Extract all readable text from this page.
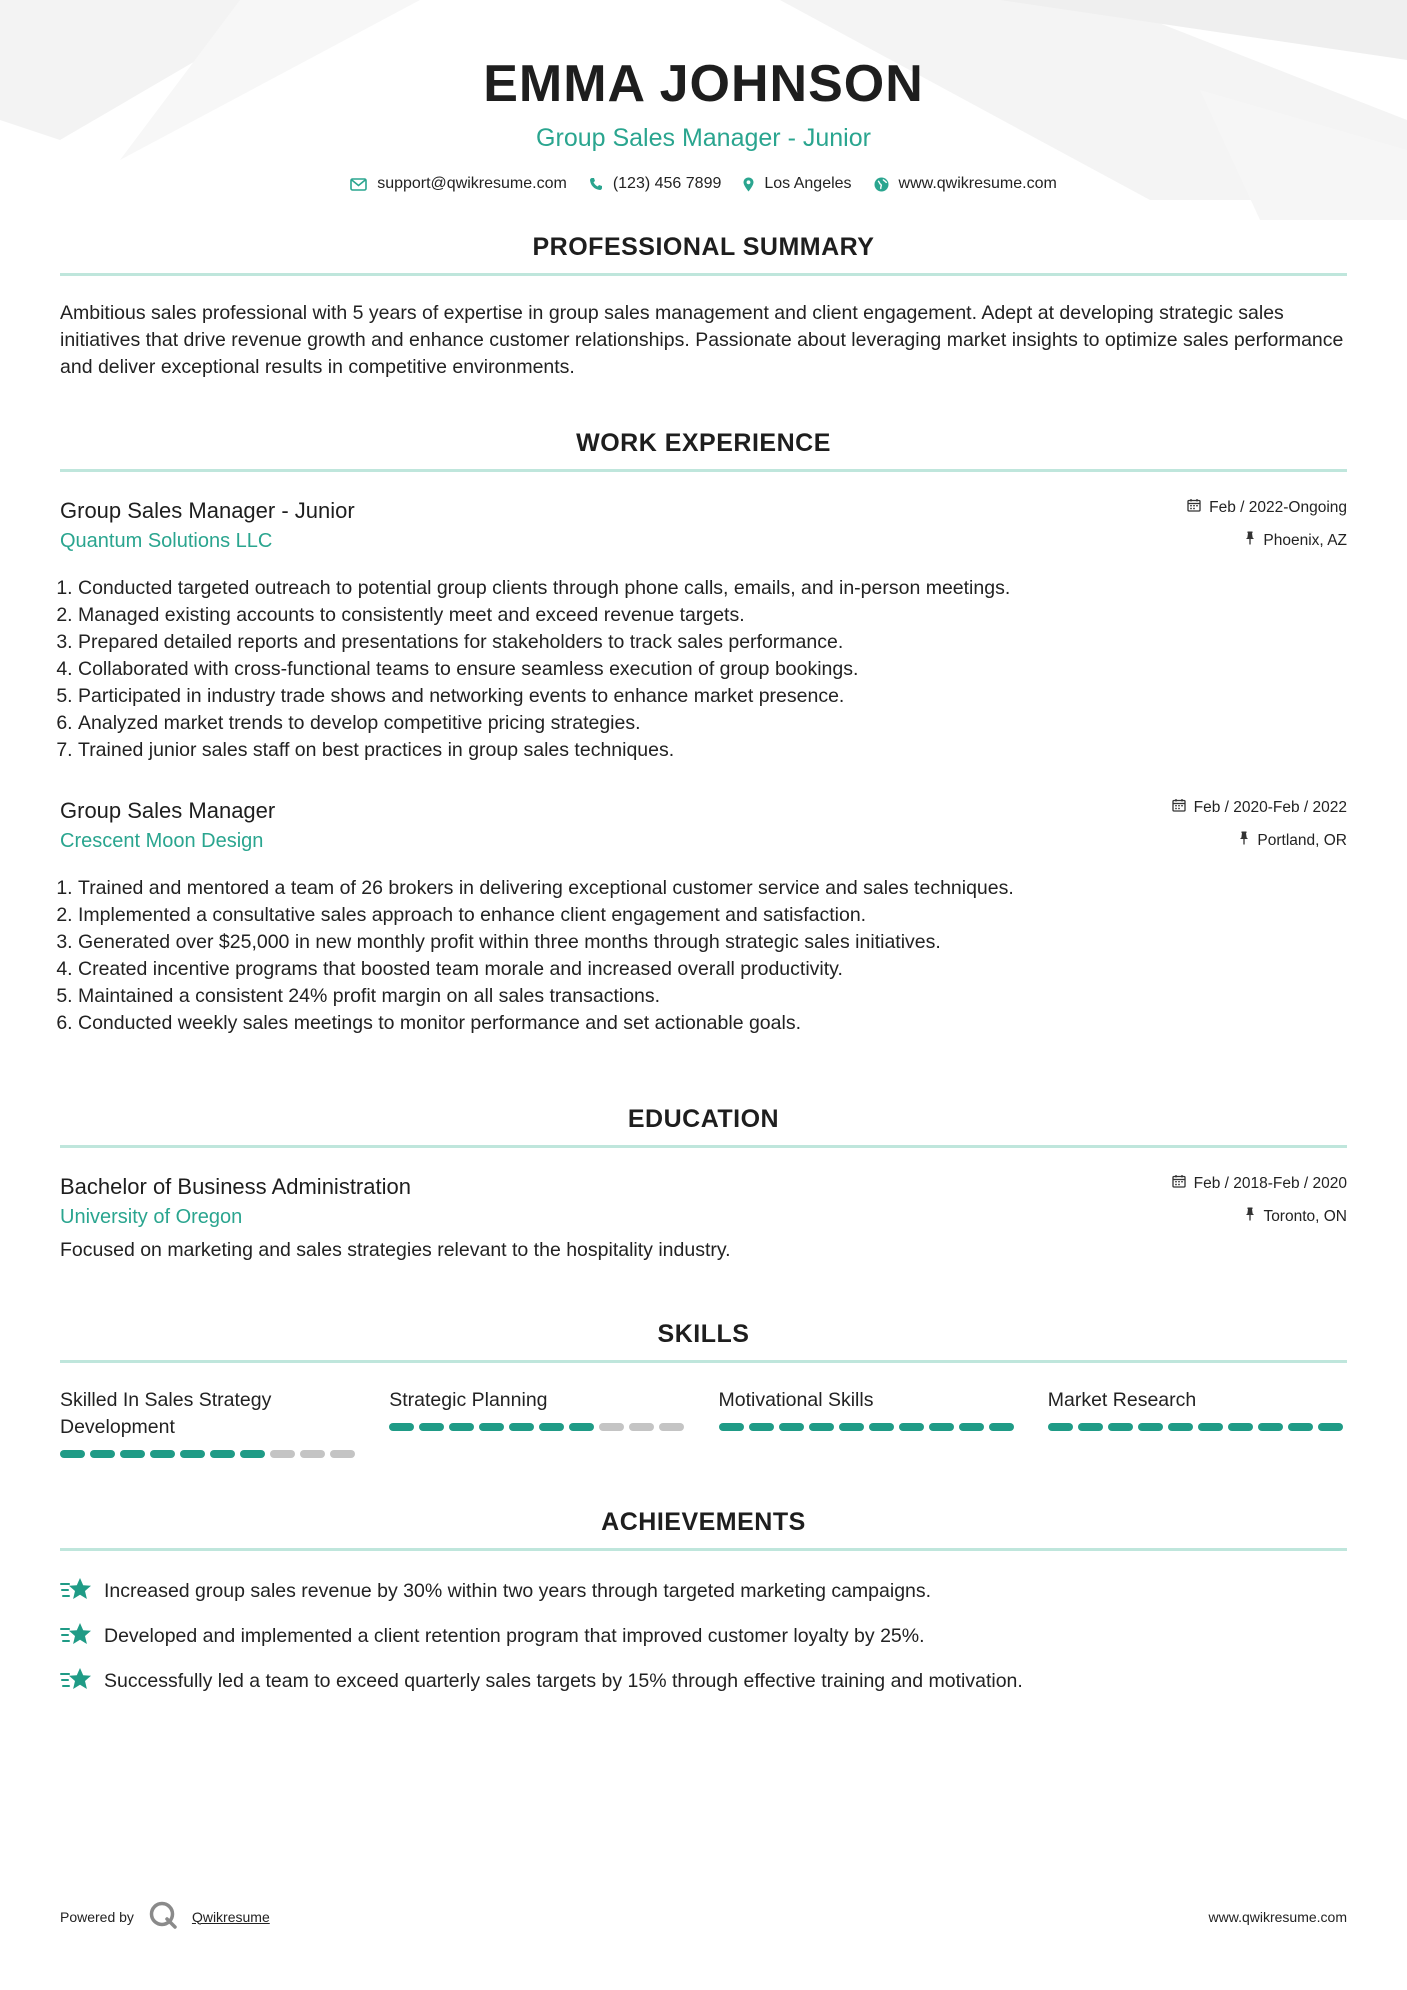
EMMA JOHNSON
Group Sales Manager - Junior
support@qwikresume.com	(123) 456 7899	Los Angeles	www.qwikresume.com
PROFESSIONAL SUMMARY

Ambitious sales professional with 5 years of expertise in group sales management and client engagement. Adept at developing strategic sales initiatives that drive revenue growth and enhance customer relationships. Passionate about leveraging market insights to optimize sales performance and deliver exceptional results in competitive environments.

WORK EXPERIENCE
Group Sales Manager - Junior	Feb / 2022-Ongoing
Phoenix, AZ
Quantum Solutions LLC
1. Conducted targeted outreach to potential group clients through phone calls, emails, and in-person meetings.
2. Managed existing accounts to consistently meet and exceed revenue targets.
3. Prepared detailed reports and presentations for stakeholders to track sales performance.
4. Collaborated with cross-functional teams to ensure seamless execution of group bookings.
5. Participated in industry trade shows and networking events to enhance market presence.
6. Analyzed market trends to develop competitive pricing strategies.
7. Trained junior sales staff on best practices in group sales techniques.
Group Sales Manager	Feb / 2020-Feb / 2022
Portland, OR
Crescent Moon Design
1. Trained and mentored a team of 26 brokers in delivering exceptional customer service and sales techniques.
2. Implemented a consultative sales approach to enhance client engagement and satisfaction.
3. Generated over $25,000 in new monthly profit within three months through strategic sales initiatives.
4. Created incentive programs that boosted team morale and increased overall productivity.
5. Maintained a consistent 24% profit margin on all sales transactions.
6. Conducted weekly sales meetings to monitor performance and set actionable goals.
EDUCATION
Bachelor of Business Administration	Feb / 2018-Feb / 2020
Toronto, ON
University of Oregon
Focused on marketing and sales strategies relevant to the hospitality industry.
SKILLS
Skilled In Sales Strategy Development
Strategic Planning	Motivational Skills	Market Research
ACHIEVEMENTS
Increased group sales revenue by 30% within two years through targeted marketing campaigns.
Developed and implemented a client retention program that improved customer loyalty by 25%.
Successfully led a team to exceed quarterly sales targets by 15% through effective training and motivation.
Powered by	Qwikresume	www.qwikresume.com
